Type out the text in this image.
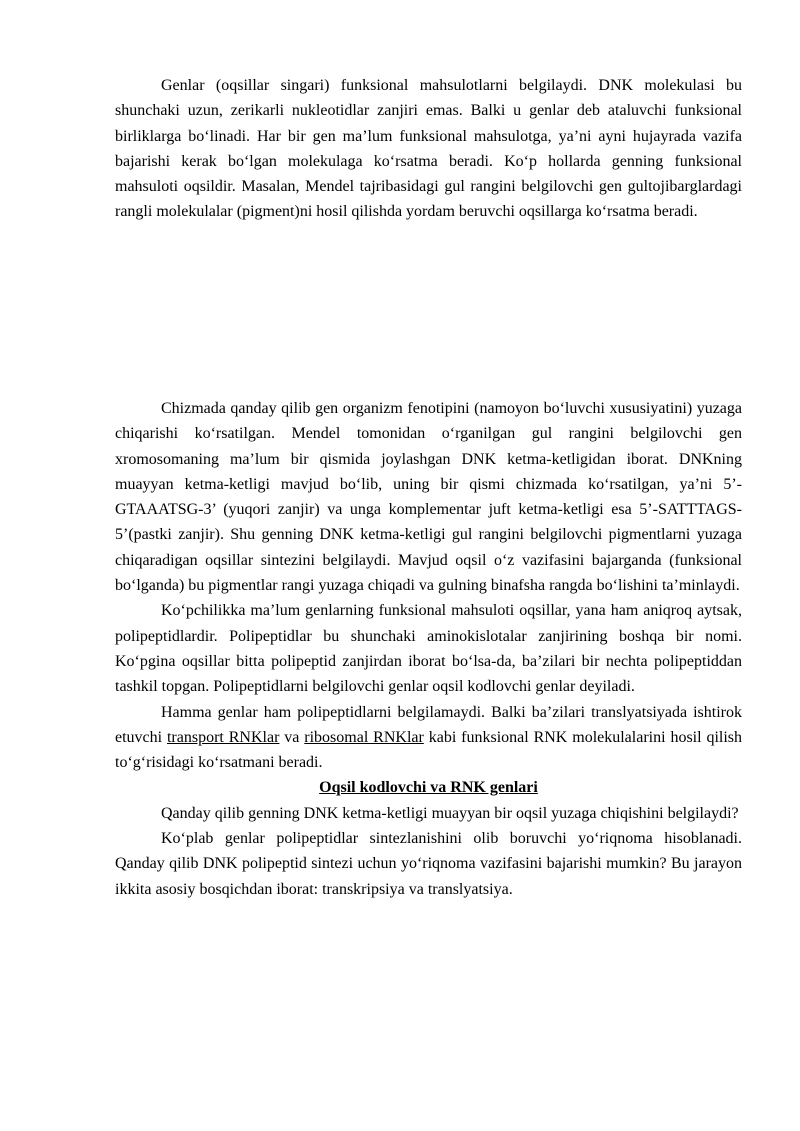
Genlar (oqsillar singari) funksional mahsulotlarni belgilaydi. DNK molekulasi bu shunchaki uzun, zerikarli nukleotidlar zanjiri emas. Balki u genlar deb ataluvchi funksional birliklarga bo‘linadi. Har bir gen ma’lum funksional mahsulotga, ya’ni ayni hujayrada vazifa bajarishi kerak bo‘lgan molekulaga ko‘rsatma beradi. Ko‘p hollarda genning funksional mahsuloti oqsildir. Masalan, Mendel tajribasidagi gul rangini belgilovchi gen gultojibarglardagi rangli molekulalar (pigment)ni hosil qilishda yordam beruvchi oqsillarga ko‘rsatma beradi.

Chizmada qanday qilib gen organizm fenotipini (namoyon bo‘luvchi xususiyatini) yuzaga chiqarishi ko‘rsatilgan. Mendel tomonidan o‘rganilgan gul rangini belgilovchi gen xromosomaning ma’lum bir qismida joylashgan DNK ketma-ketligidan iborat. DNKning muayyan ketma-ketligi mavjud bo‘lib, uning bir qismi chizmada ko‘rsatilgan, ya’ni 5’-GTAAATSG-3’ (yuqori zanjir) va unga komplementar juft ketma-ketligi esa 5’-SATTTAGS-5’(pastki zanjir). Shu genning DNK ketma-ketligi gul rangini belgilovchi pigmentlarni yuzaga chiqaradigan oqsillar sintezini belgilaydi. Mavjud oqsil o‘z vazifasini bajarganda (funksional bo‘lganda) bu pigmentlar rangi yuzaga chiqadi va gulning binafsha rangda bo‘lishini ta’minlaydi.

Ko‘pchilikka ma’lum genlarning funksional mahsuloti oqsillar, yana ham aniqroq aytsak, polipeptidlardir. Polipeptidlar bu shunchaki aminokislotalar zanjirining boshqa bir nomi. Ko‘pgina oqsillar bitta polipeptid zanjirdan iborat bo‘lsa-da, ba’zilari bir nechta polipeptiddan tashkil topgan. Polipeptidlarni belgilovchi genlar oqsil kodlovchi genlar deyiladi.

Hamma genlar ham polipeptidlarni belgilamaydi. Balki ba’zilari translyatsiyada ishtirok etuvchi transport RNKlar va ribosomal RNKlar kabi funksional RNK molekulalarini hosil qilish to‘g‘risidagi ko‘rsatmani beradi.

Oqsil kodlovchi va RNK genlari

Qanday qilib genning DNK ketma-ketligi muayyan bir oqsil yuzaga chiqishini belgilaydi?

Ko‘plab genlar polipeptidlar sintezlanishini olib boruvchi yo‘riqnoma hisoblanadi. Qanday qilib DNK polipeptid sintezi uchun yo‘riqnoma vazifasini bajarishi mumkin? Bu jarayon ikkita asosiy bosqichdan iborat: transkripsiya va translyatsiya.
